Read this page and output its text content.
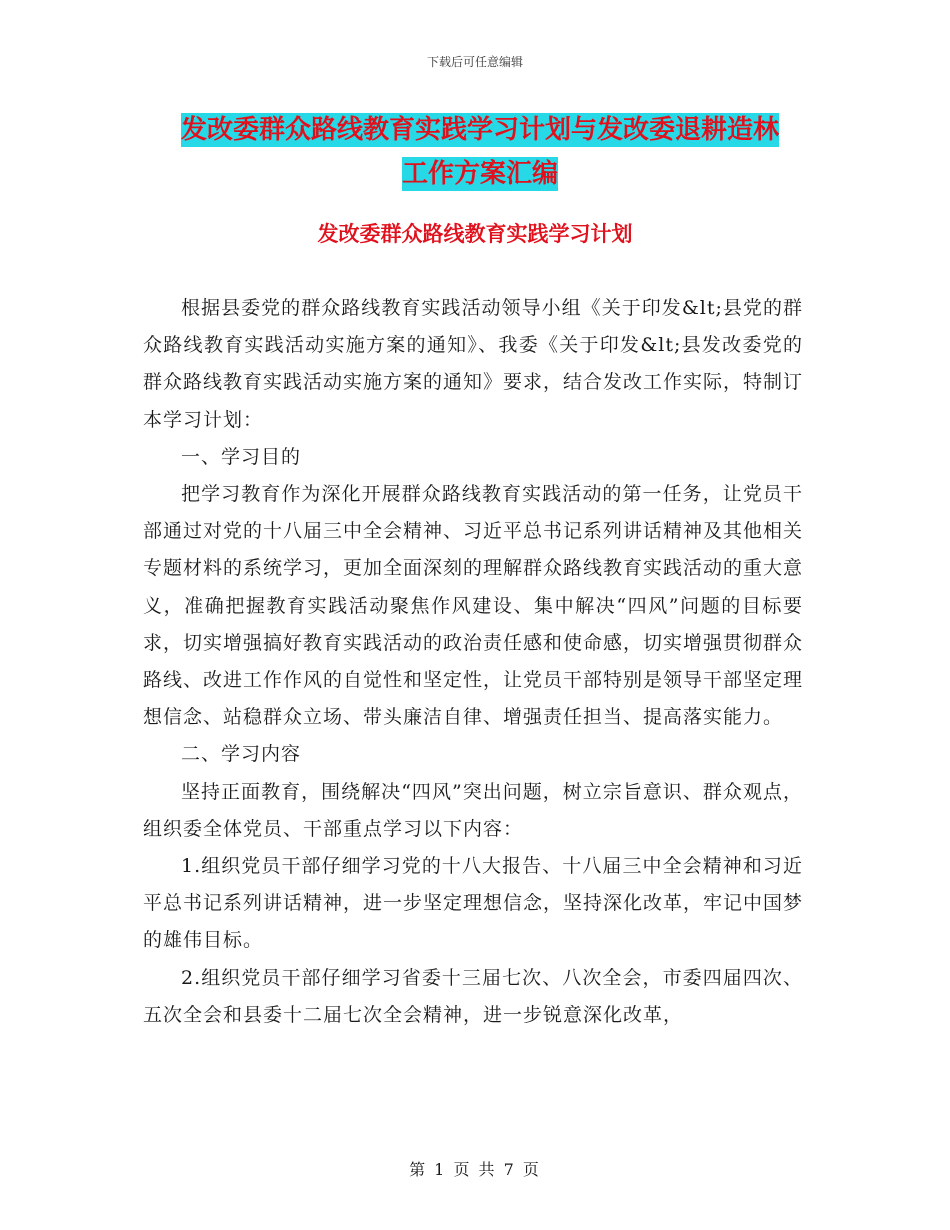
下载后可任意编辑
发改委群众路线教育实践学习计划与发改委退耕造林
工作方案汇编
发改委群众路线教育实践学习计划

根据县委党的群众路线教育实践活动领导小组《关于印发&lt;县党的群众路线教育实践活动实施方案的通知》、我委《关于印发&lt;县发改委党的群众路线教育实践活动实施方案的通知》要求，结合发改工作实际，特制订本学习计划：

一、学习目的

把学习教育作为深化开展群众路线教育实践活动的第一任务，让党员干部通过对党的十八届三中全会精神、习近平总书记系列讲话精神及其他相关专题材料的系统学习，更加全面深刻的理解群众路线教育实践活动的重大意义，准确把握教育实践活动聚焦作风建设、集中解决“四风”问题的目标要求，切实增强搞好教育实践活动的政治责任感和使命感，切实增强贯彻群众路线、改进工作作风的自觉性和坚定性，让党员干部特别是领导干部坚定理想信念、站稳群众立场、带头廉洁自律、增强责任担当、提高落实能力。

二、学习内容

坚持正面教育，围绕解决“四风”突出问题，树立宗旨意识、群众观点，组织委全体党员、干部重点学习以下内容：

1.组织党员干部仔细学习党的十八大报告、十八届三中全会精神和习近平总书记系列讲话精神，进一步坚定理想信念，坚持深化改革，牢记中国梦的雄伟目标。

2.组织党员干部仔细学习省委十三届七次、八次全会，市委四届四次、五次全会和县委十二届七次全会精神，进一步锐意深化改革，

第 1 页 共 7 页
